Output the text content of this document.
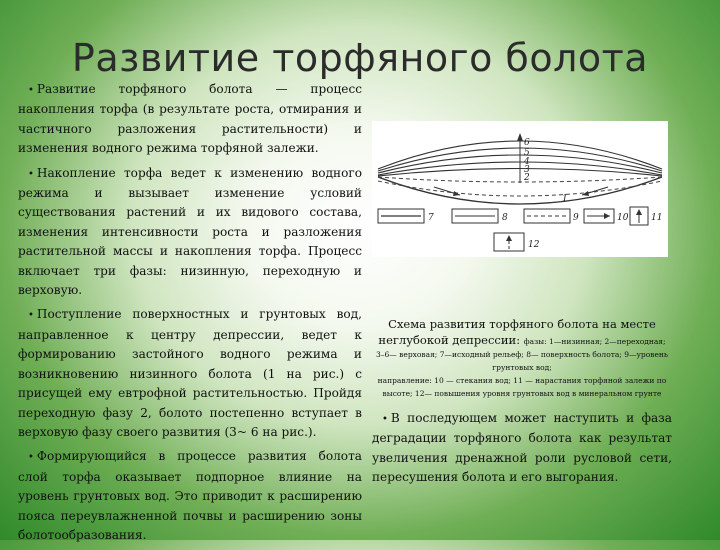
Развитие торфяного болота

• Развитие торфяного болота — процесс накопления торфа (в результате роста, отмирания и частичного разложения растительности) и изменения водного режима торфяной залежи.

• Накопление торфа ведет к изменению водного режима и вызывает изменение условий существования растений и их видового состава, изменения интенсивности роста и разложения растительной массы и накопления торфа. Процесс включает три фазы: низинную, переходную и верховую.

• Поступление поверхностных и грунтовых вод, направленное к центру депрессии, ведет к формированию застойного водного режима и возникновению низинного болота (1 на рис.) с присущей ему евтрофной растительностью. Пройдя переходную фазу 2, болото постепенно вступает в верховую фазу своего развития (3~ 6 на рис.).

• Формирующийся в процессе развития болота слой торфа оказывает подпорное влияние на уровень грунтовых вод. Это приводит к расширению пояса переувлажненной почвы и расширению зоны болотообразования.

7	8	9
1
10	11
12
6
5
4
3
2
Схема развития торфяного болота на месте неглубокой депрессии: фазы: 1—низинная; 2—переходная;
3–6— верховая; 7—исходный рельеф; 8— поверхность болота; 9—уровень грунтовых вод;
направление: 10 — стекания вод; 11 — нарастания торфяной залежи по высоте; 12— повышения уровня грунтовых вод в минеральном грунте

• В последующем может наступить и фаза деградации торфяного болота как результат увеличения дренажной роли русловой сети, пересушения болота и его выгорания.
